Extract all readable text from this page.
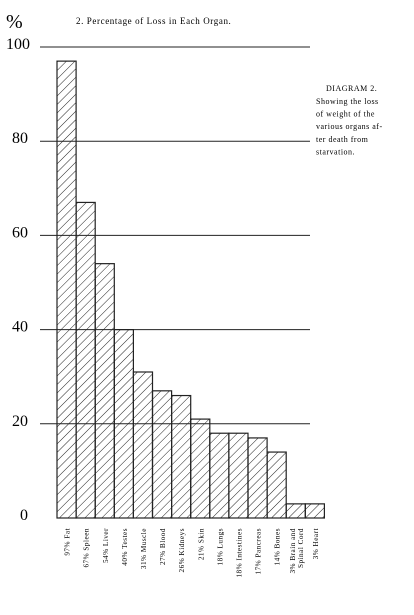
%	2. Percentage of Loss in Each Organ.
0
20
40
60
80
100
97% Fat 67% Spleen 54% Liver 40% Testes 31% Muscle 27% Blood 26% Kidneys 21% Skin 18% Lungs 18% Intestines 17% Pancreas 14% Bones 3% Brain andSpinal Cord 3% Heart
DIAGRAM 2.
Showing the loss
of weight of the
various organs af-
ter death from
starvation.
